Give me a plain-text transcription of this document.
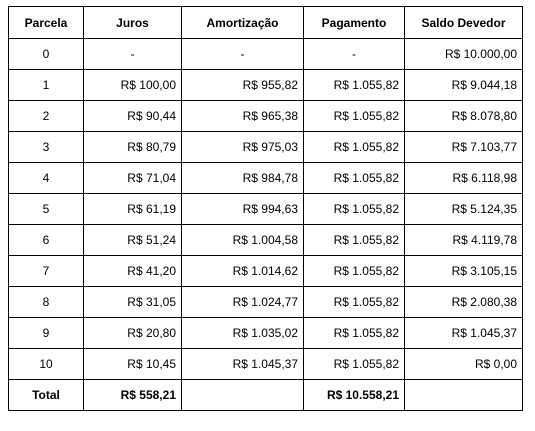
Parcela	Juros	Amortização	Pagamento	Saldo Devedor
0	-	-	-	R$ 10.000,00
1	R$ 100,00	R$ 955,82	R$ 1.055,82	R$ 9.044,18
2	R$ 90,44	R$ 965,38	R$ 1.055,82	R$ 8.078,80
3	R$ 80,79	R$ 975,03	R$ 1.055,82	R$ 7.103,77
4	R$ 71,04	R$ 984,78	R$ 1.055,82	R$ 6.118,98
5	R$ 61,19	R$ 994,63	R$ 1.055,82	R$ 5.124,35
6	R$ 51,24	R$ 1.004,58	R$ 1.055,82	R$ 4.119,78
7	R$ 41,20	R$ 1.014,62	R$ 1.055,82	R$ 3.105,15
8	R$ 31,05	R$ 1.024,77	R$ 1.055,82	R$ 2.080,38
9	R$ 20,80	R$ 1.035,02	R$ 1.055,82	R$ 1.045,37
10	R$ 10,45	R$ 1.045,37	R$ 1.055,82	R$ 0,00
Total	R$ 558,21		R$ 10.558,21	
